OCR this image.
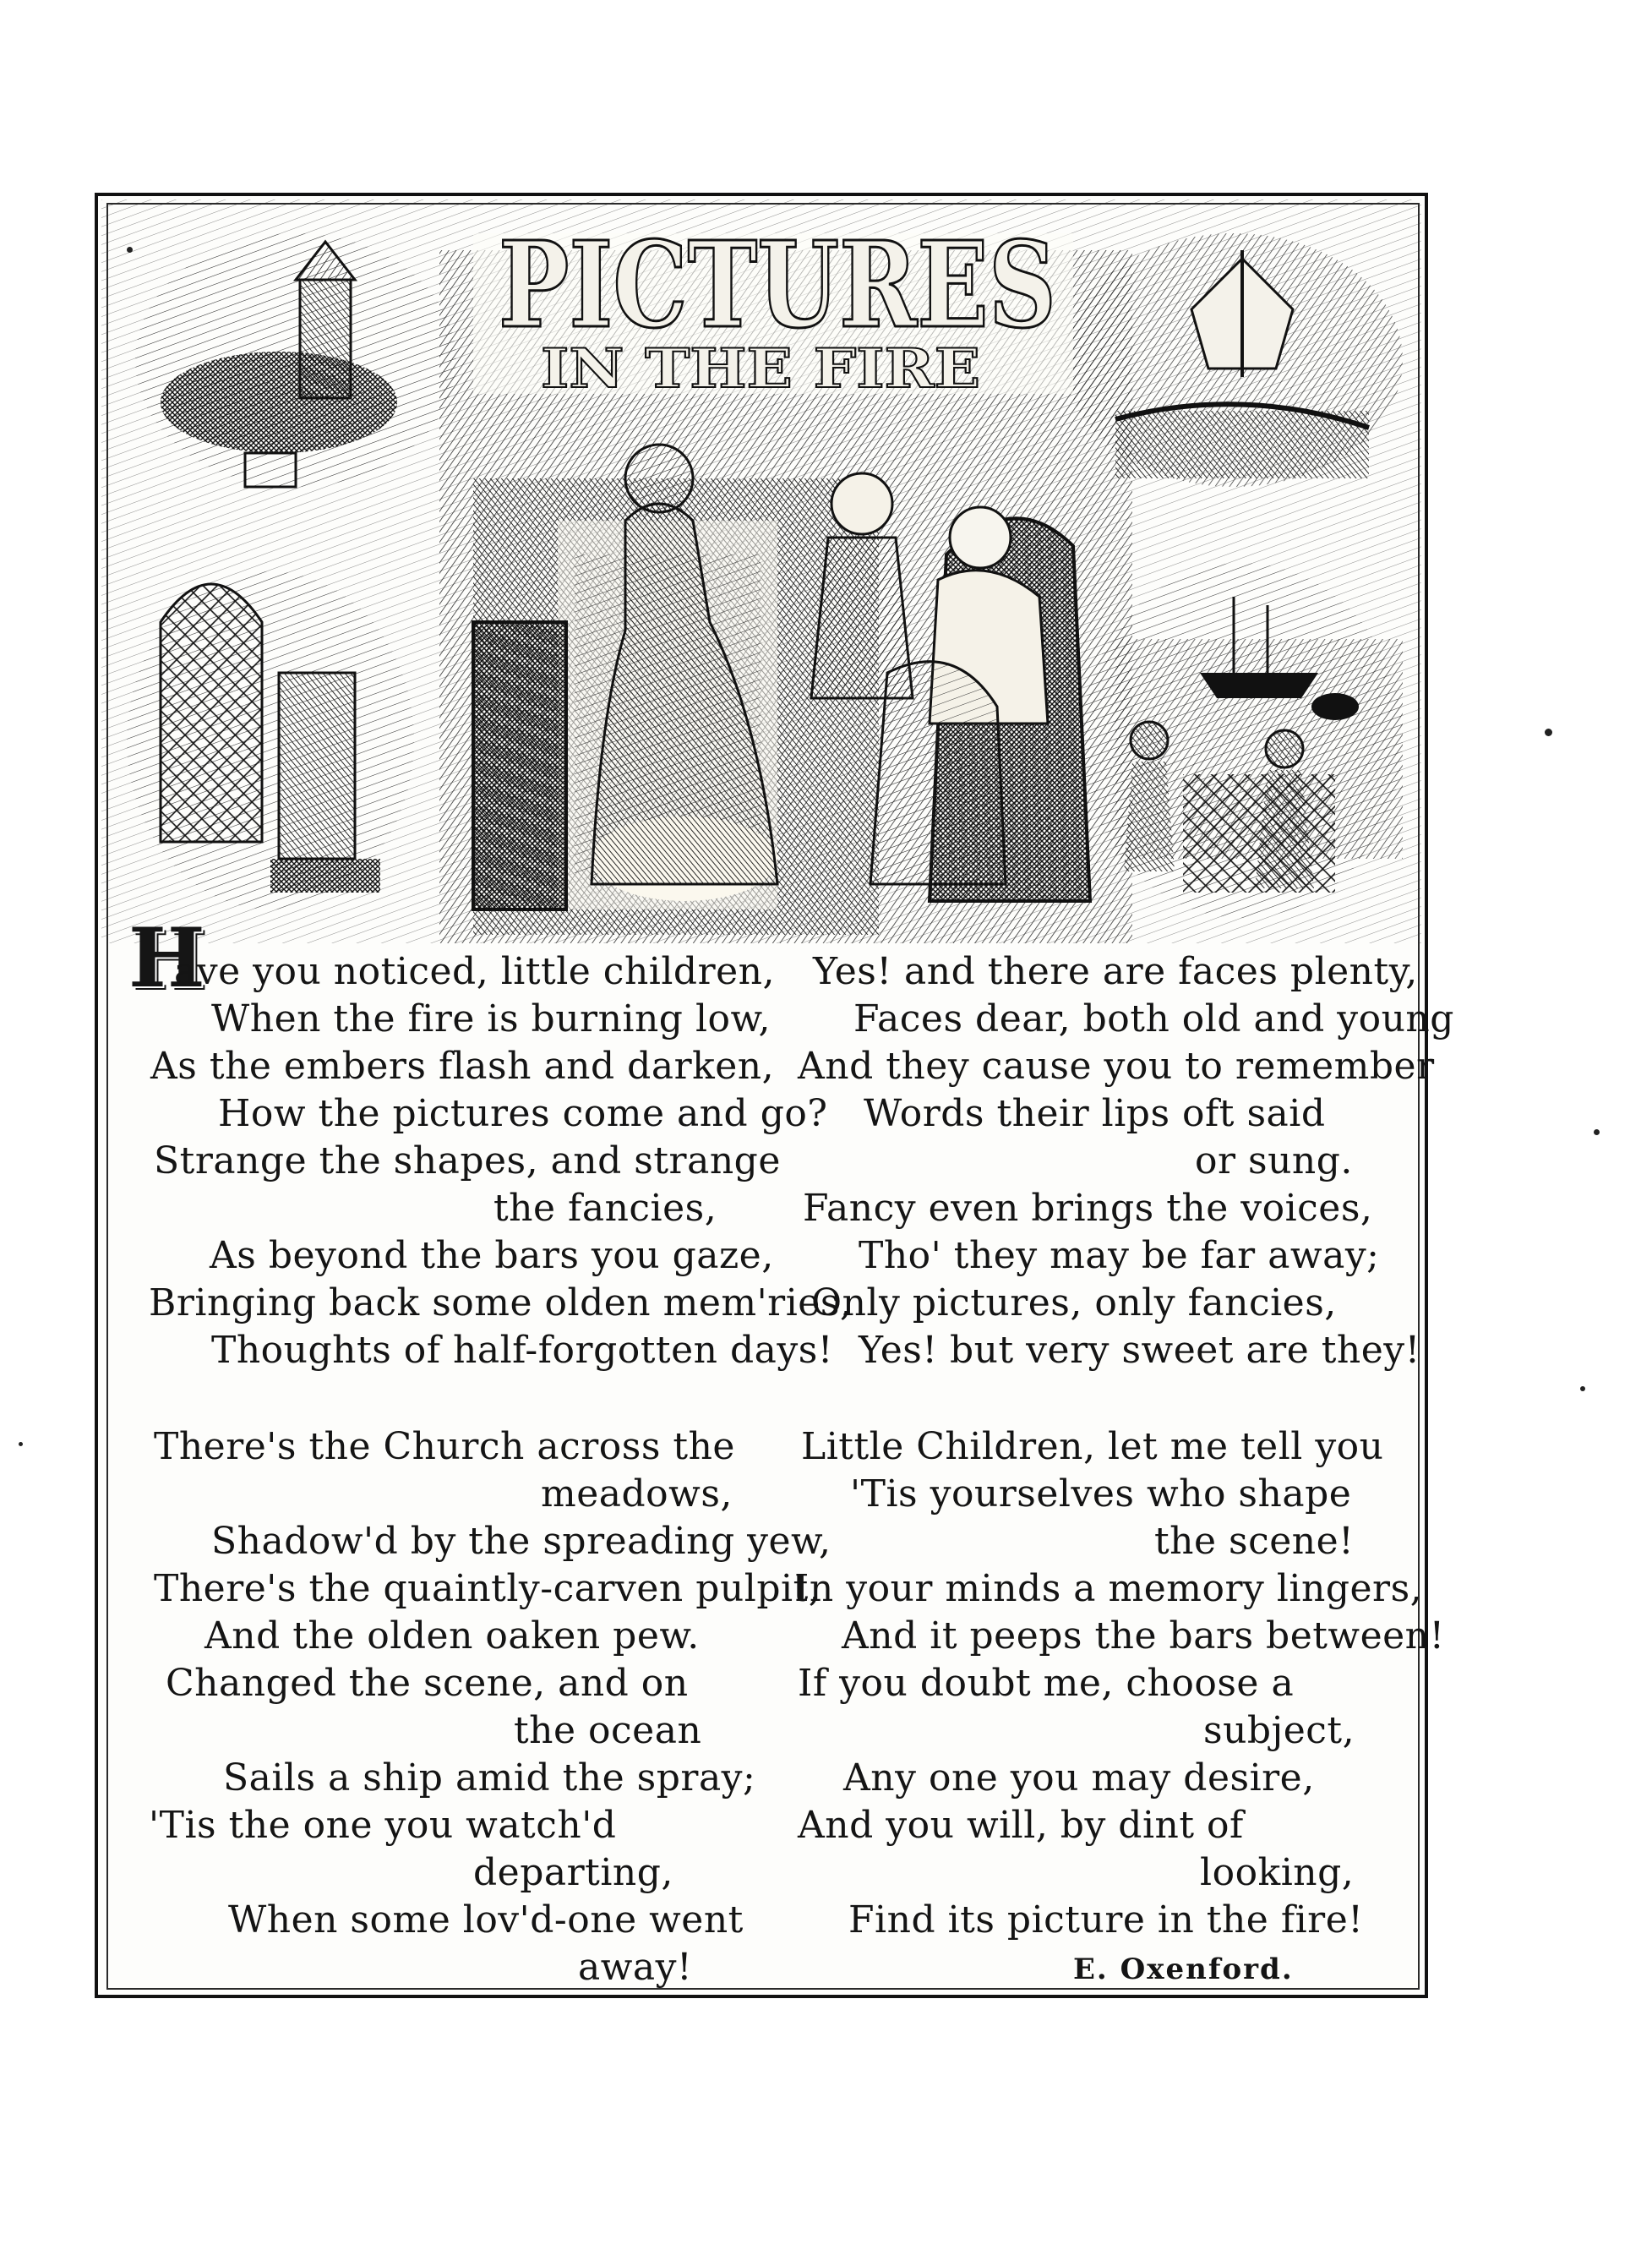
PICTURES
IN THE FIRE
H

ave you noticed, little children,

When the fire is burning low,

As the embers flash and darken,

How the pictures come and go?

Strange the shapes, and strange

the fancies,

As beyond the bars you gaze,

Bringing back some olden mem'ries,

Thoughts of half-forgotten days!

There's the Church across the

meadows,

Shadow'd by the spreading yew,

There's the quaintly-carven pulpit,

And the olden oaken pew.

Changed the scene, and on

the ocean

Sails a ship amid the spray;

'Tis the one you watch'd

departing,

When some lov'd-one went

away!

Yes! and there are faces plenty,

Faces dear, both old and young

And they cause you to remember

Words their lips oft said

or sung.

Fancy even brings the voices,

Tho' they may be far away;

Only pictures, only fancies,

Yes! but very sweet are they!

Little Children, let me tell you

'Tis yourselves who shape

the scene!

In your minds a memory lingers,

And it peeps the bars between!

If you doubt me, choose a

subject,

Any one you may desire,

And you will, by dint of

looking,

Find its picture in the fire!

E. Oxenford.
